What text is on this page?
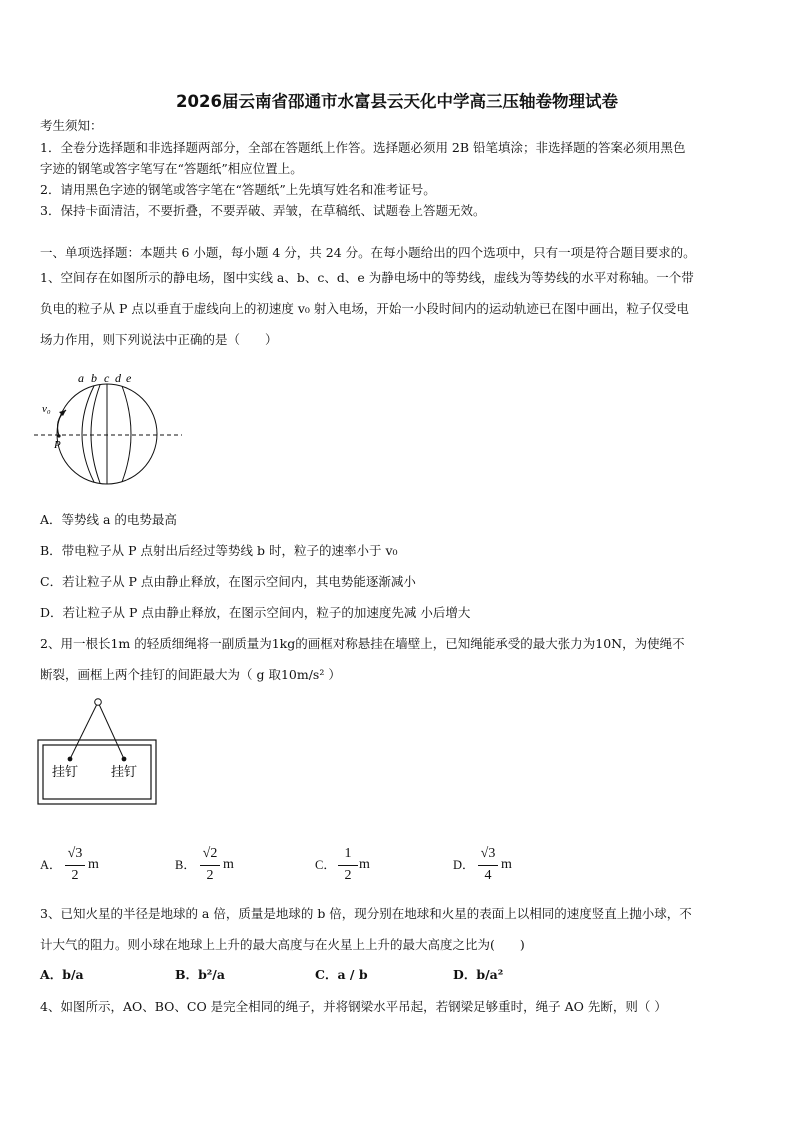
2026届云南省邵通市水富县云天化中学高三压轴卷物理试卷
考生须知：
1．全卷分选择题和非选择题两部分，全部在答题纸上作答。选择题必须用 2B 铅笔填涂；非选择题的答案必须用黑色
字迹的钢笔或答字笔写在“答题纸”相应位置上。
2．请用黑色字迹的钢笔或答字笔在“答题纸”上先填写姓名和准考证号。
3．保持卡面清洁，不要折叠，不要弄破、弄皱，在草稿纸、试题卷上答题无效。
一、单项选择题：本题共 6 小题，每小题 4 分，共 24 分。在每小题给出的四个选项中，只有一项是符合题目要求的。
1、空间存在如图所示的静电场，图中实线 a、b、c、d、e 为静电场中的等势线，虚线为等势线的水平对称轴。一个带
负电的粒子从 P 点以垂直于虚线向上的初速度 v₀ 射入电场，开始一小段时间内的运动轨迹已在图中画出，粒子仅受电
场力作用，则下列说法中正确的是（　　）
a b c d e
v₀
P
A．等势线 a 的电势最高
B．带电粒子从 P 点射出后经过等势线 b 时，粒子的速率小于 v₀
C．若让粒子从 P 点由静止释放，在图示空间内，其电势能逐渐减小
D．若让粒子从 P 点由静止释放，在图示空间内，粒子的加速度先减 小后增大
2、用一根长1m 的轻质细绳将一副质量为1kg的画框对称悬挂在墙壁上，已知绳能承受的最大张力为10N，为使绳不
断裂，画框上两个挂钉的间距最大为（ g 取10m/s² ）
挂钉	挂钉
A．
√3
2
m	B．
√2
2
m	C．
1
2
m	D．
√3
4
m
3、已知火星的半径是地球的 a 倍，质量是地球的 b 倍，现分别在地球和火星的表面上以相同的速度竖直上抛小球，不
计大气的阻力。则小球在地球上上升的最大高度与在火星上上升的最大高度之比为(　　)
A．b/a	B．b²/a	C．a / b	D．b/a²
4、如图所示，AO、BO、CO 是完全相同的绳子，并将钢梁水平吊起，若钢梁足够重时，绳子 AO 先断，则（ ）
